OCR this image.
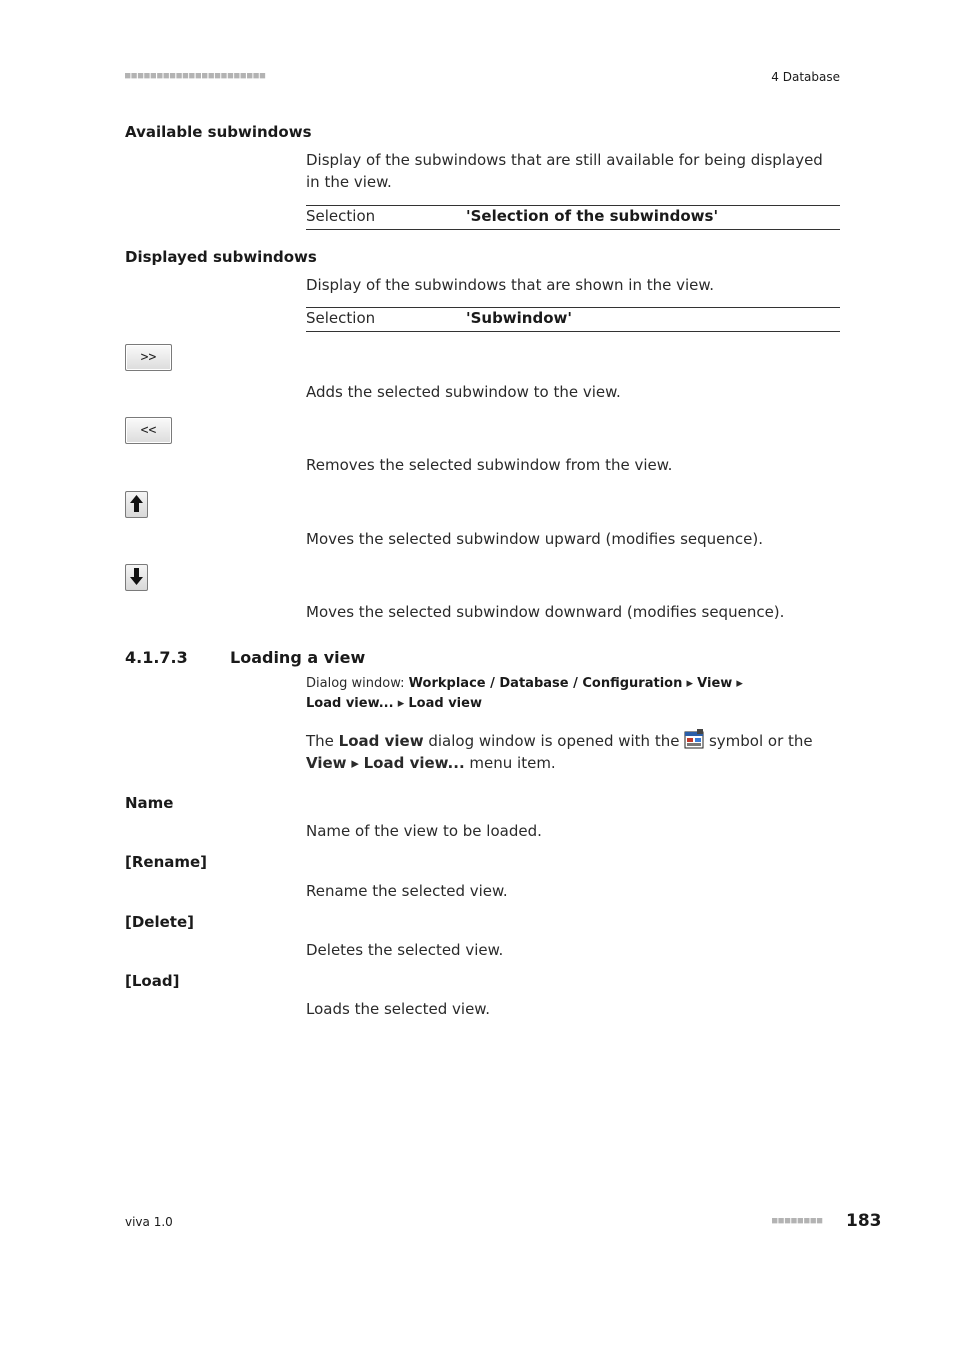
■■■■■■■■■■■■■■■■■■■■■■	4 Database
Available subwindows
Display of the subwindows that are still available for being displayed in the view.
Selection	'Selection of the subwindows'
Displayed subwindows
Display of the subwindows that are shown in the view.
Selection	'Subwindow'
>>
Adds the selected subwindow to the view.
<<
Removes the selected subwindow from the view.
Moves the selected subwindow upward (modifies sequence).
Moves the selected subwindow downward (modifies sequence).
4.1.7.3	Loading a view
Dialog window: Workplace / Database / Configuration ▸ View ▸ Load view... ▸ Load view
The Load view dialog window is opened with the  symbol or the
View ▸ Load view... menu item.
Name
Name of the view to be loaded.
[Rename]
Rename the selected view.
[Delete]
Deletes the selected view.
[Load]
Loads the selected view.
viva 1.0	■■■■■■■■ 183
